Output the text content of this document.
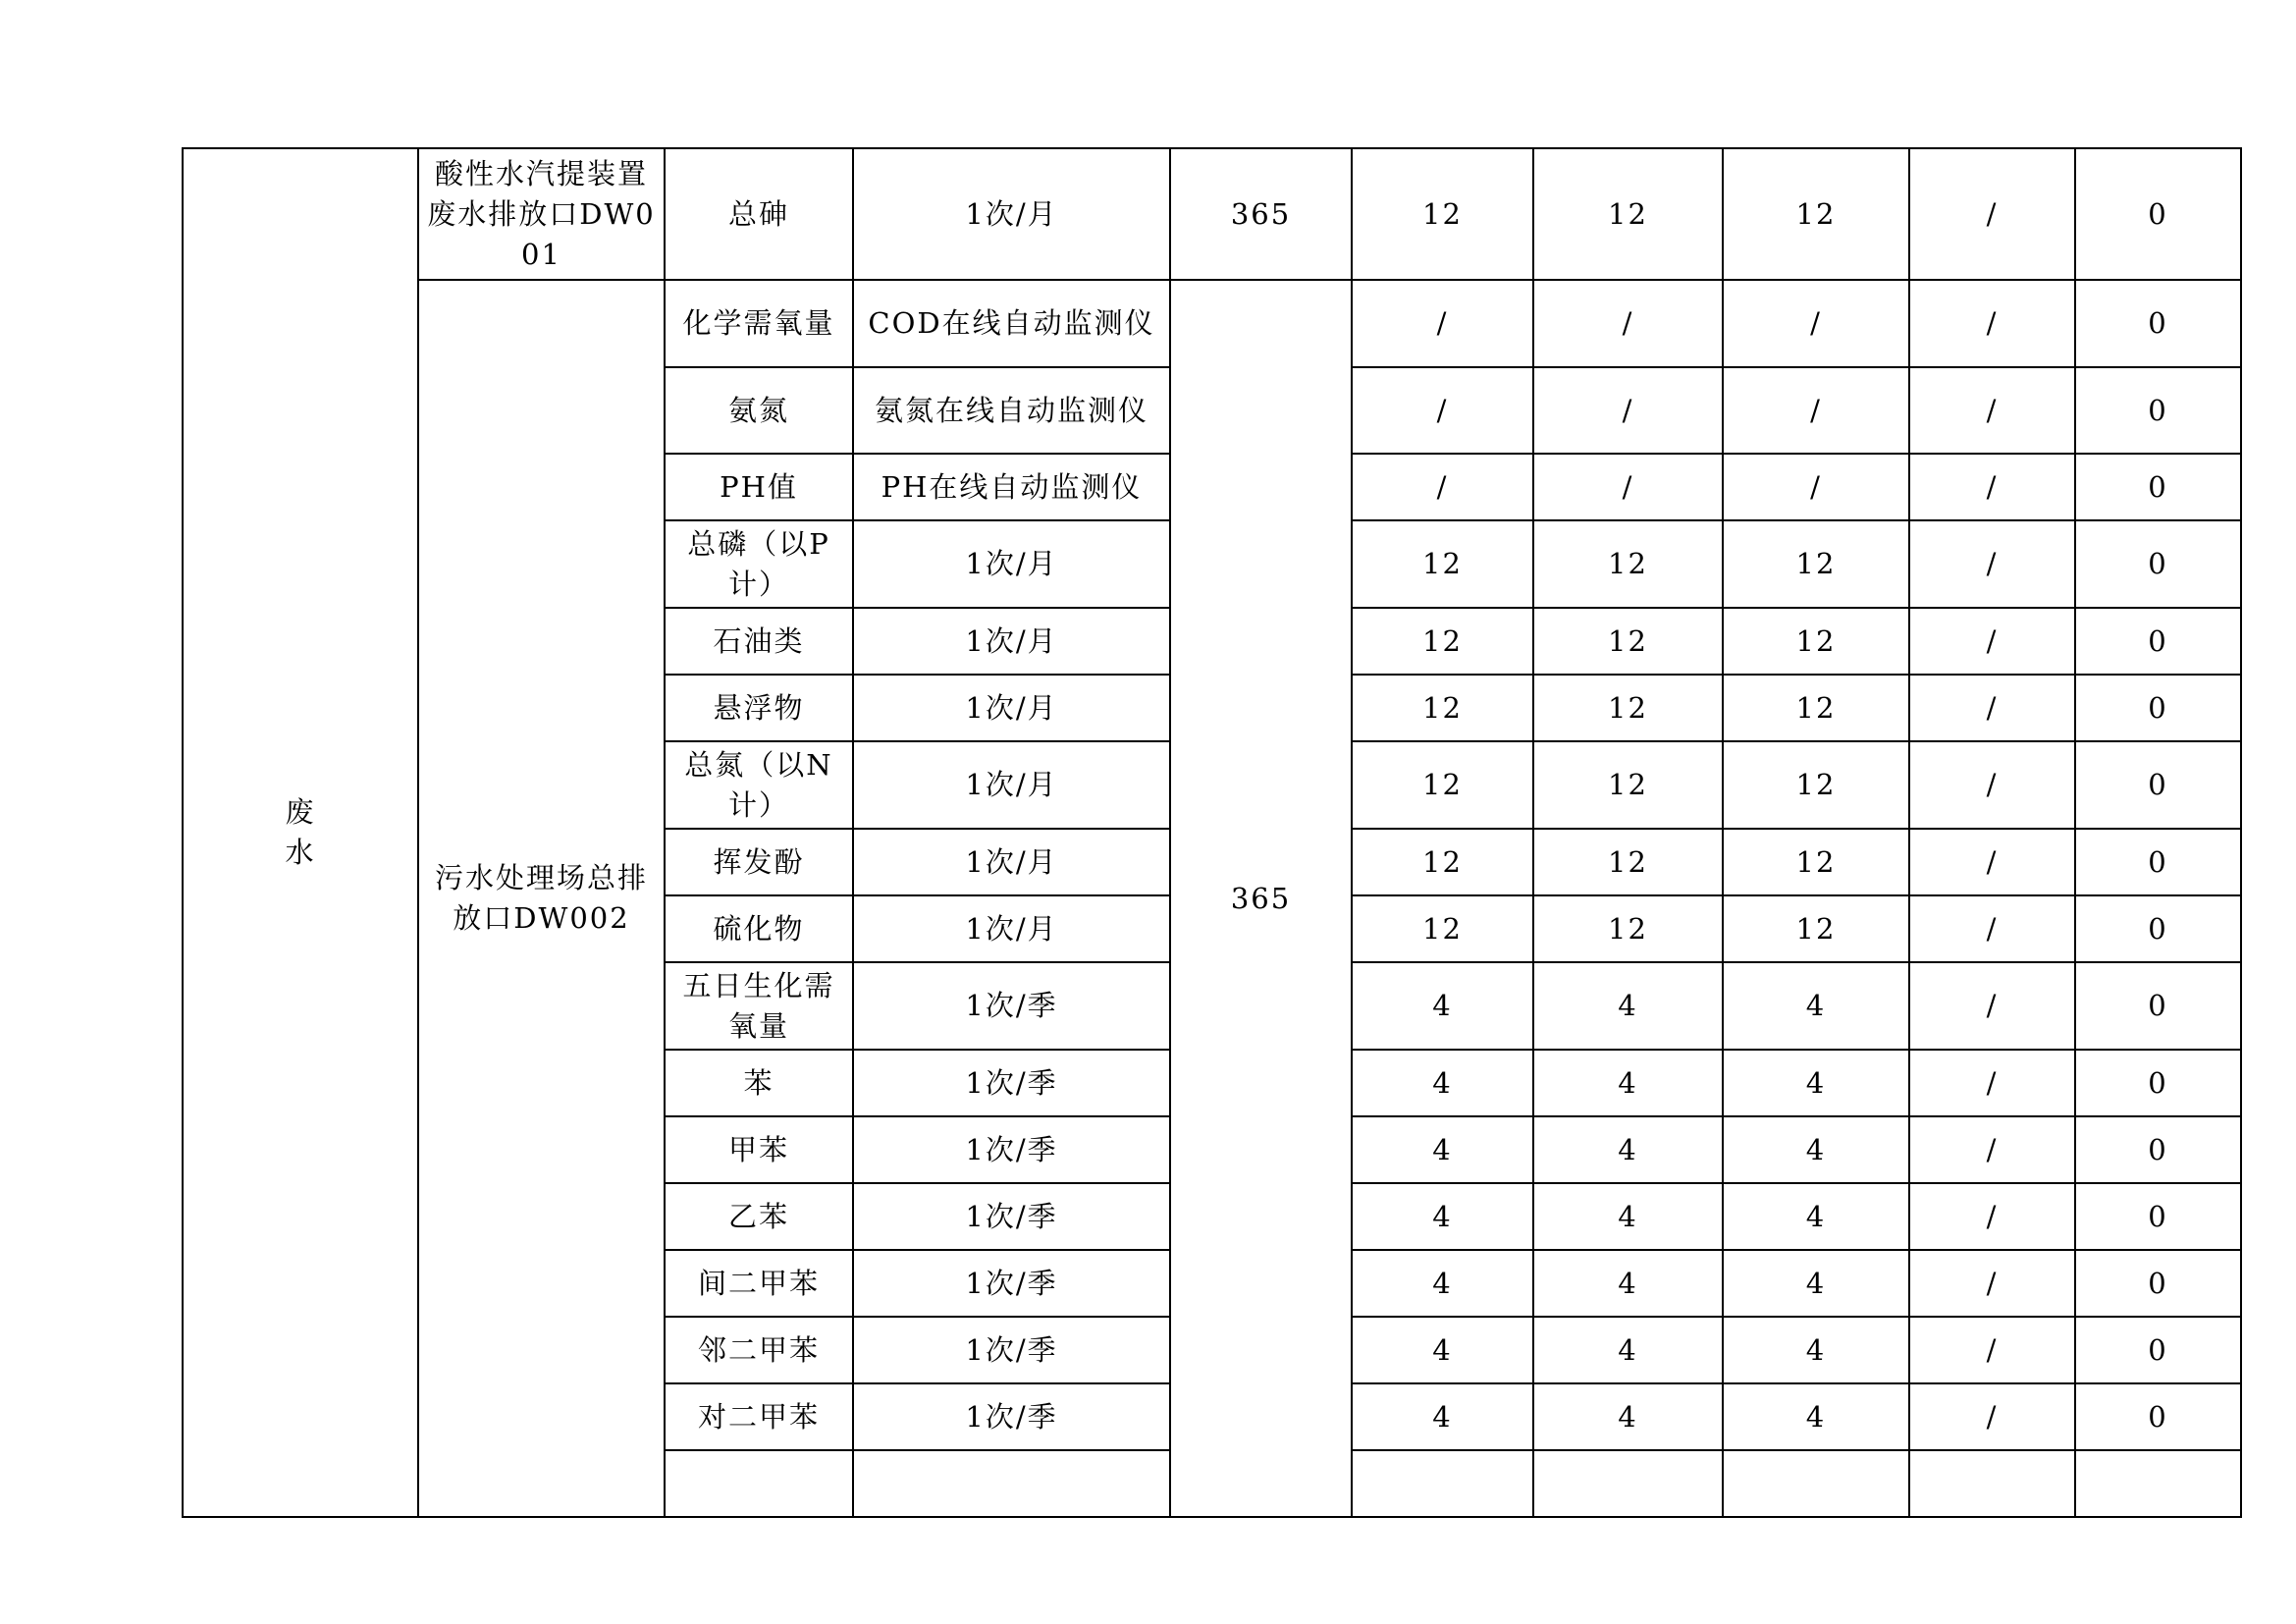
废
水	酸性水汽提装置废水排放口DW001	总砷	1次/月	365	12	12	12	/	0
	污水处理场总排放口DW002	化学需氧量	COD在线自动监测仪	365	/	/	/	/	0
		氨氮	氨氮在线自动监测仪		/	/	/	/	0
		PH值	PH在线自动监测仪		/	/	/	/	0
		总磷（以P计）	1次/月		12	12	12	/	0
		石油类	1次/月		12	12	12	/	0
		悬浮物	1次/月		12	12	12	/	0
		总氮（以N计）	1次/月		12	12	12	/	0
		挥发酚	1次/月		12	12	12	/	0
		硫化物	1次/月		12	12	12	/	0
		五日生化需氧量	1次/季		4	4	4	/	0
		苯	1次/季		4	4	4	/	0
		甲苯	1次/季		4	4	4	/	0
		乙苯	1次/季		4	4	4	/	0
		间二甲苯	1次/季		4	4	4	/	0
		邻二甲苯	1次/季		4	4	4	/	0
		对二甲苯	1次/季		4	4	4	/	0
